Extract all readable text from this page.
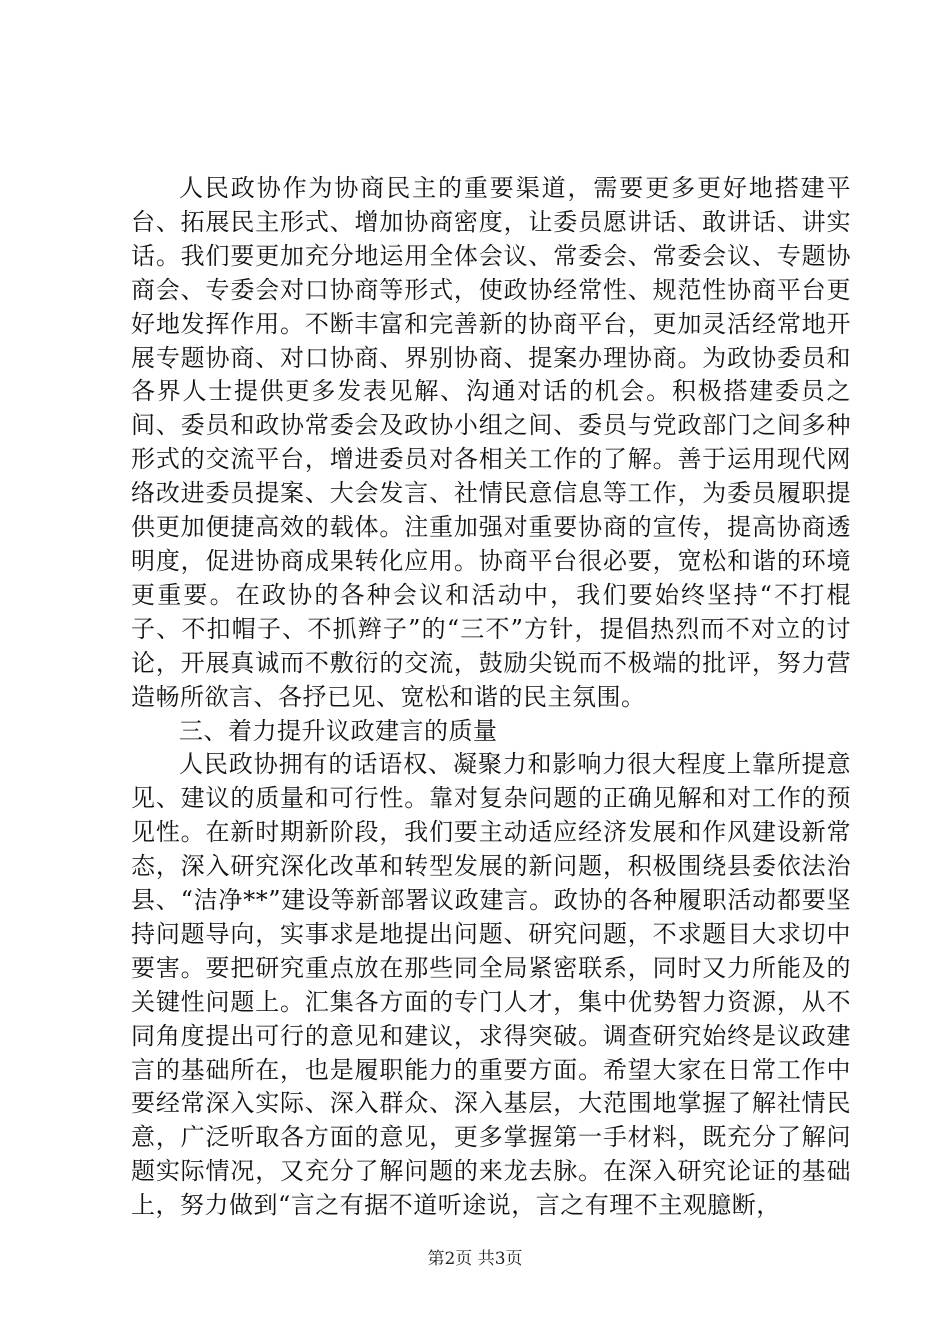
人民政协作为协商民主的重要渠道，需要更多更好地搭建平台、拓展民主形式、增加协商密度，让委员愿讲话、敢讲话、讲实话。我们要更加充分地运用全体会议、常委会、常委会议、专题协商会、专委会对口协商等形式，使政协经常性、规范性协商平台更好地发挥作用。不断丰富和完善新的协商平台，更加灵活经常地开展专题协商、对口协商、界别协商、提案办理协商。为政协委员和各界人士提供更多发表见解、沟通对话的机会。积极搭建委员之间、委员和政协常委会及政协小组之间、委员与党政部门之间多种形式的交流平台，增进委员对各相关工作的了解。善于运用现代网络改进委员提案、大会发言、社情民意信息等工作，为委员履职提供更加便捷高效的载体。注重加强对重要协商的宣传，提高协商透明度，促进协商成果转化应用。协商平台很必要，宽松和谐的环境更重要。在政协的各种会议和活动中，我们要始终坚持“不打棍子、不扣帽子、不抓辫子”的“三不”方针，提倡热烈而不对立的讨论，开展真诚而不敷衍的交流，鼓励尖锐而不极端的批评，努力营造畅所欲言、各抒已见、宽松和谐的民主氛围。

三、着力提升议政建言的质量

人民政协拥有的话语权、凝聚力和影响力很大程度上靠所提意见、建议的质量和可行性。靠对复杂问题的正确见解和对工作的预见性。在新时期新阶段，我们要主动适应经济发展和作风建设新常态，深入研究深化改革和转型发展的新问题，积极围绕县委依法治县、“洁净**”建设等新部署议政建言。政协的各种履职活动都要坚持问题导向，实事求是地提出问题、研究问题，不求题目大求切中要害。要把研究重点放在那些同全局紧密联系，同时又力所能及的关键性问题上。汇集各方面的专门人才，集中优势智力资源，从不同角度提出可行的意见和建议，求得突破。调查研究始终是议政建言的基础所在，也是履职能力的重要方面。希望大家在日常工作中要经常深入实际、深入群众、深入基层，大范围地掌握了解社情民意，广泛听取各方面的意见，更多掌握第一手材料，既充分了解问题实际情况，又充分了解问题的来龙去脉。在深入研究论证的基础上，努力做到“言之有据不道听途说，言之有理不主观臆断，

第2页 共3页
